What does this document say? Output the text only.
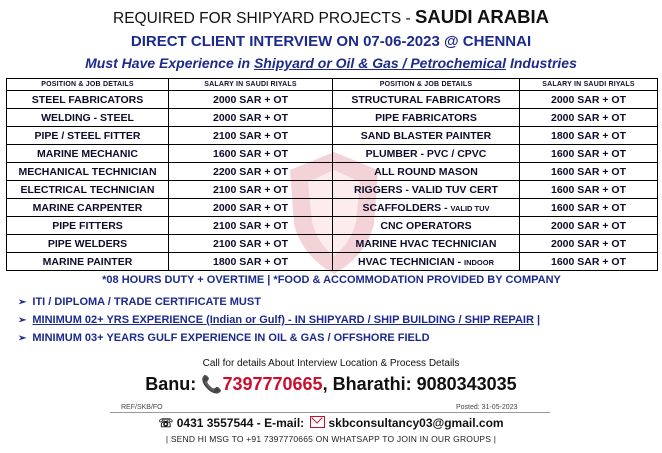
REQUIRED FOR SHIPYARD PROJECTS - SAUDI ARABIA
DIRECT CLIENT INTERVIEW ON 07-06-2023 @ CHENNAI
Must Have Experience in Shipyard or Oil & Gas / Petrochemical Industries
POSITION & JOB DETAILS	SALARY IN SAUDI RIYALS	POSITION & JOB DETAILS	SALARY IN SAUDI RIYALS
STEEL FABRICATORS	2000 SAR + OT	STRUCTURAL FABRICATORS	2000 SAR + OT
WELDING - STEEL	2000 SAR + OT	PIPE FABRICATORS	2000 SAR + OT
PIPE / STEEL FITTER	2100 SAR + OT	SAND BLASTER PAINTER	1800 SAR + OT
MARINE MECHANIC	1600 SAR + OT	PLUMBER - PVC / CPVC	1600 SAR + OT
MECHANICAL TECHNICIAN	2200 SAR + OT	ALL ROUND MASON	1600 SAR + OT
ELECTRICAL TECHNICIAN	2100 SAR + OT	RIGGERS - VALID TUV CERT	1600 SAR + OT
MARINE CARPENTER	2000 SAR + OT	SCAFFOLDERS - VALID TUV	1600 SAR + OT
PIPE FITTERS	2100 SAR + OT	CNC OPERATORS	2000 SAR + OT
PIPE WELDERS	2100 SAR + OT	MARINE HVAC TECHNICIAN	2000 SAR + OT
MARINE PAINTER	1800 SAR + OT	HVAC TECHNICIAN - INDOOR	1600 SAR + OT
*08 HOURS DUTY + OVERTIME | *FOOD & ACCOMMODATION PROVIDED BY COMPANY
➢ ITI / DIPLOMA / TRADE CERTIFICATE MUST
➢ MINIMUM 02+ YRS EXPERIENCE (Indian or Gulf) - IN SHIPYARD / SHIP BUILDING / SHIP REPAIR |
➢ MINIMUM 03+ YEARS GULF EXPERIENCE IN OIL & GAS / OFFSHORE FIELD
Call for details About Interview Location & Process Details
Banu: 📞7397770665, Bharathi: 9080343035
REF/SKB/FO	Posted: 31-05-2023
☏ 0431 3557544 - E-mail: skbconsultancy03@gmail.com
| SEND HI MSG TO +91 7397770665 ON WHATSAPP TO JOIN IN OUR GROUPS |
